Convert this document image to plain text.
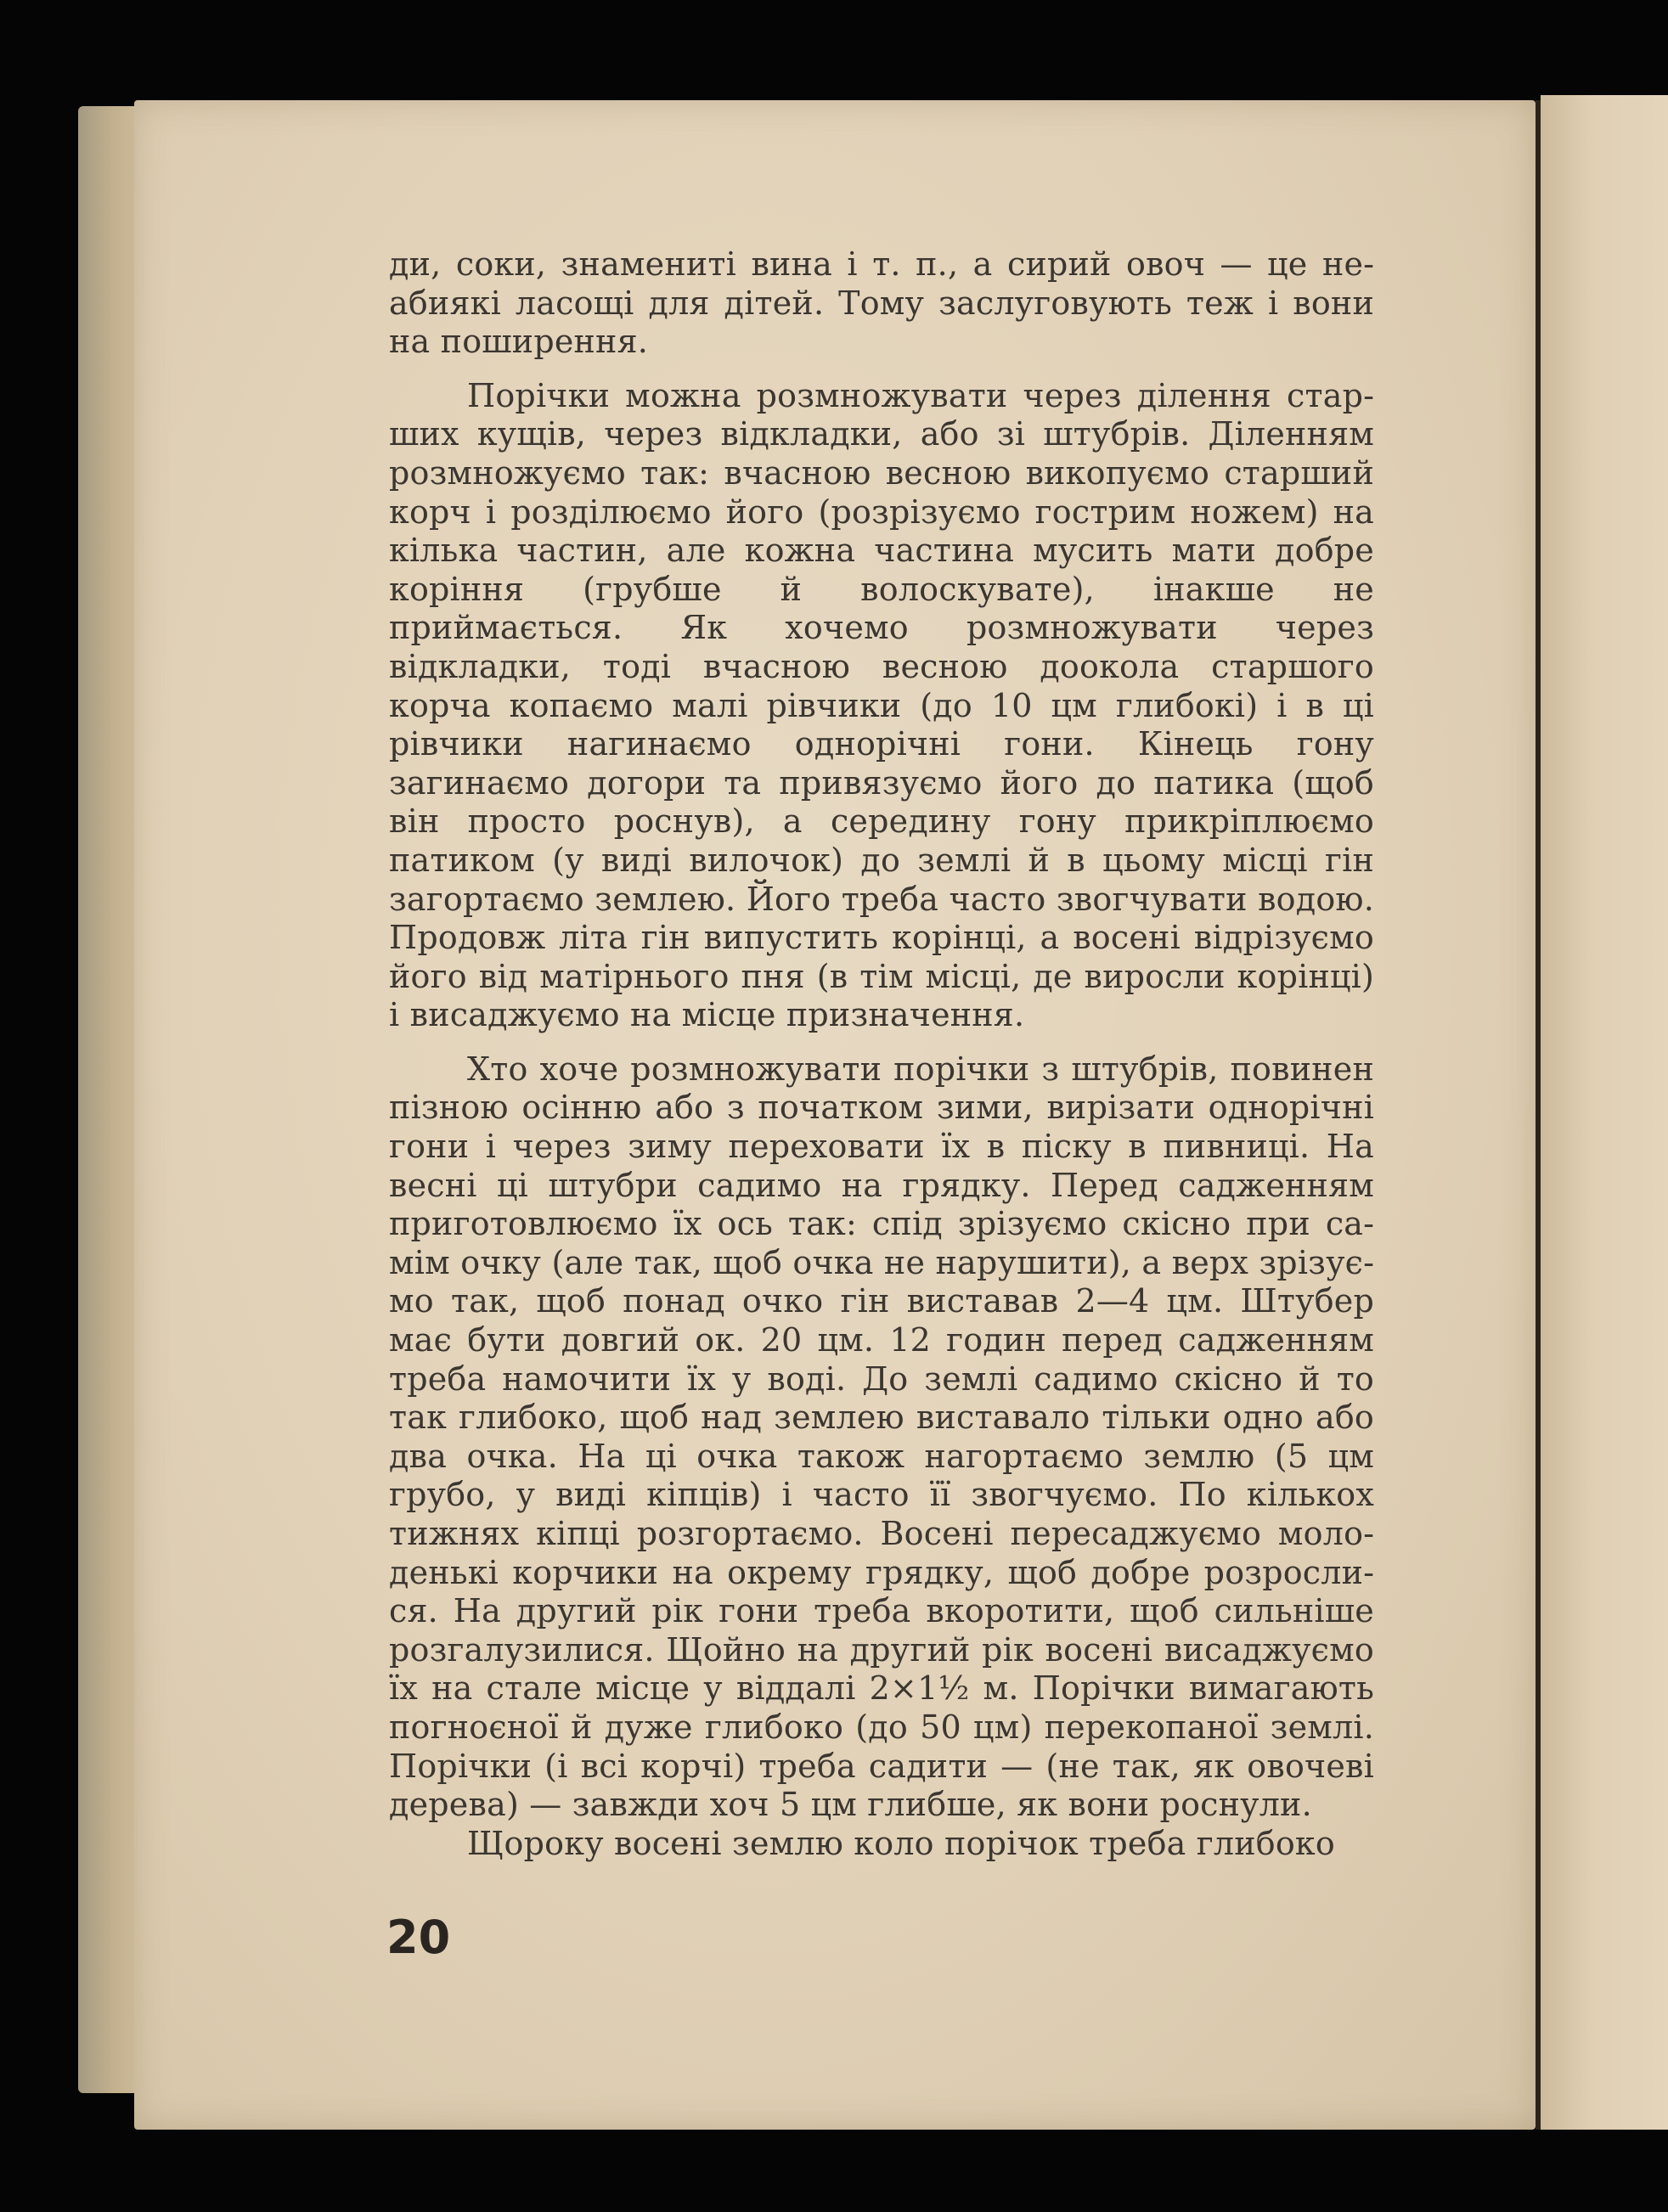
ди, соки, знамениті вина і т. п., а сирий овоч — це неабиякі ласощі для дітей. Тому заслуговують теж і вони на поширення.

Порічки можна розмножувати через ділення старших кущів, через відкладки, або зі штубрів. Діленням розмножуємо так: вчасною весною викопуємо старший корч і розділюємо його (розрізуємо гострим ножем) на кілька частин, але кожна частина мусить мати добре коріння (грубше й волоскувате), інакше не приймається. Як хочемо розмножувати через відкладки, тоді вчасною весною доокола старшого корча копаємо малі рівчики (до 10 цм глибокі) і в ці рівчики нагинаємо однорічні гони. Кінець гону загинаємо догори та привязуємо його до патика (щоб він просто роснув), а середину гону прикріплюємо патиком (у виді вилочок) до землі й в цьому місці гін загортаємо землею. Його треба часто звогчувати водою. Продовж літа гін випустить корінці, а восені відрізуємо його від матірнього пня (в тім місці, де виросли корінці) і висаджуємо на місце призначення.

Хто хоче розмножувати порічки з штубрів, повинен пізною осінню або з початком зими, вирізати однорічні гони і через зиму переховати їх в піску в пивниці. На весні ці штубри садимо на грядку. Перед садженням приготовлюємо їх ось так: спід зрізуємо скісно при самім очку (але так, щоб очка не нарушити), а верх зрізуємо так, щоб понад очко гін виставав 2—4 цм. Штубер має бути довгий ок. 20 цм. 12 годин перед садженням треба намочити їх у воді. До землі садимо скісно й то так глибоко, щоб над землею виставало тільки одно або два очка. На ці очка також нагортаємо землю (5 цм грубо, у виді кіпців) і часто її звогчуємо. По кількох тижнях кіпці розгортаємо. Восені пересаджуємо молоденькі корчики на окрему грядку, щоб добре розрослися. На другий рік гони треба вкоротити, щоб сильніше розгалузилися. Щойно на другий рік восені висаджуємо їх на стале місце у віддалі 2×1½ м. Порічки вимагають погноєної й дуже глибоко (до 50 цм) перекопаної землі. Порічки (і всі корчі) треба садити — (не так, як овочеві дерева) — завжди хоч 5 цм глибше, як вони роснули.

Щороку восені землю коло порічок треба глибоко

20
